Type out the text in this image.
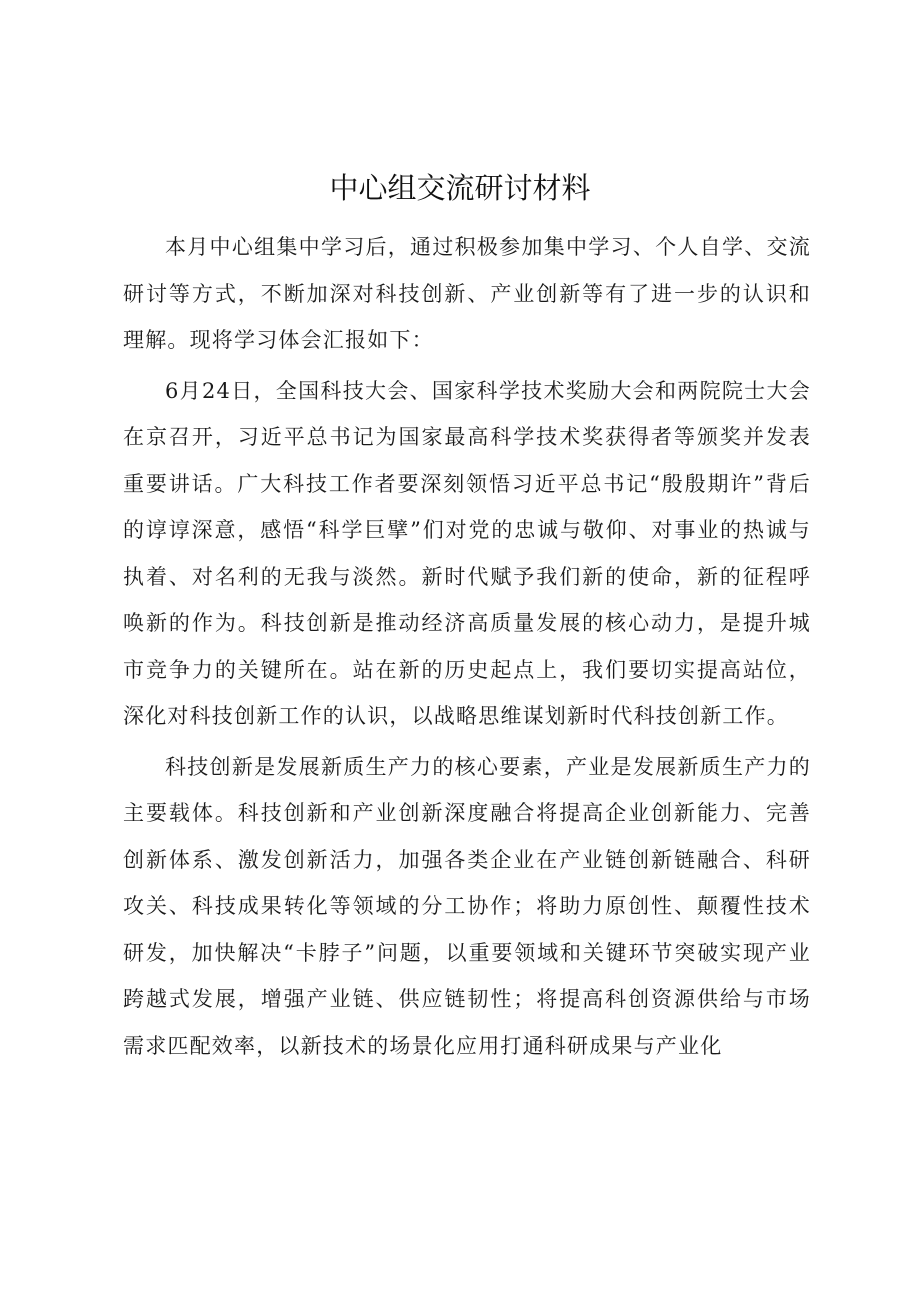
中心组交流研讨材料

本月中心组集中学习后，通过积极参加集中学习、个人自学、交流研讨等方式，不断加深对科技创新、产业创新等有了进一步的认识和理解。现将学习体会汇报如下：

6月24日，全国科技大会、国家科学技术奖励大会和两院院士大会在京召开，习近平总书记为国家最高科学技术奖获得者等颁奖并发表重要讲话。广大科技工作者要深刻领悟习近平总书记“殷殷期许”背后的谆谆深意，感悟“科学巨擘”们对党的忠诚与敬仰、对事业的热诚与执着、对名利的无我与淡然。新时代赋予我们新的使命，新的征程呼唤新的作为。科技创新是推动经济高质量发展的核心动力，是提升城市竞争力的关键所在。站在新的历史起点上，我们要切实提高站位，深化对科技创新工作的认识，以战略思维谋划新时代科技创新工作。

科技创新是发展新质生产力的核心要素，产业是发展新质生产力的主要载体。科技创新和产业创新深度融合将提高企业创新能力、完善创新体系、激发创新活力，加强各类企业在产业链创新链融合、科研攻关、科技成果转化等领域的分工协作；将助力原创性、颠覆性技术研发，加快解决“卡脖子”问题，以重要领域和关键环节突破实现产业跨越式发展，增强产业链、供应链韧性；将提高科创资源供给与市场需求匹配效率，以新技术的场景化应用打通科研成果与产业化
